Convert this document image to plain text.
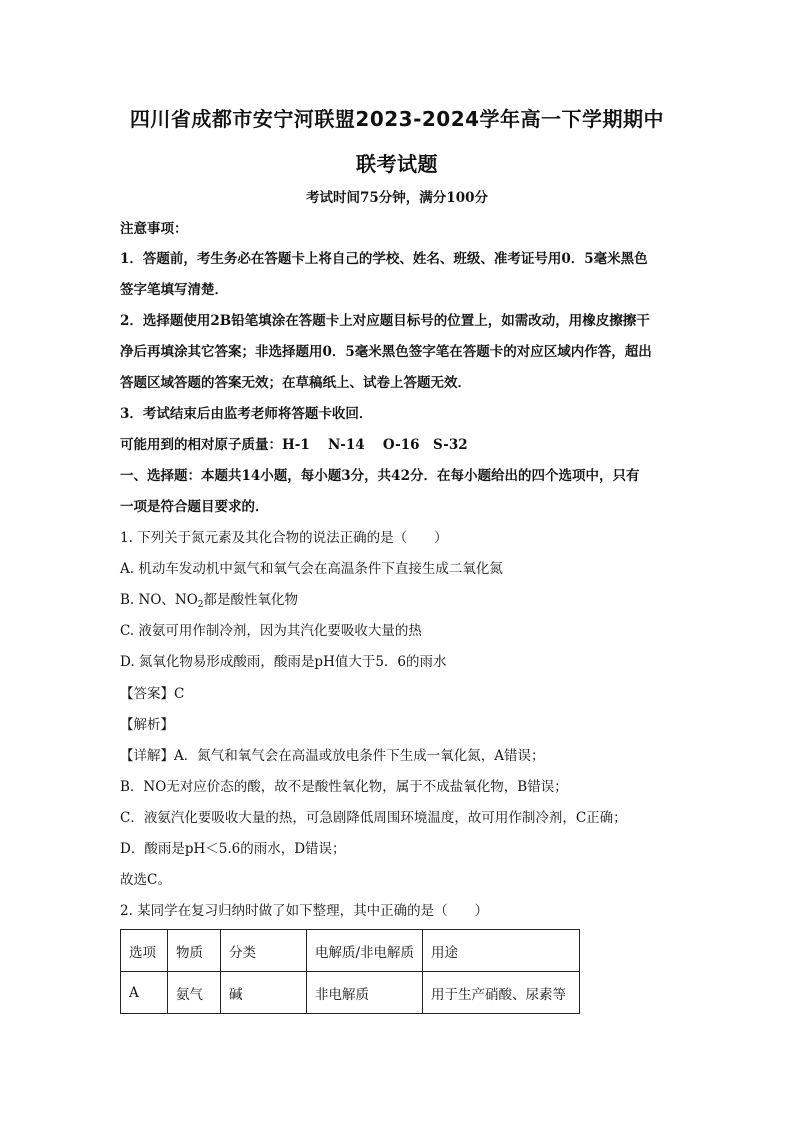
四川省成都市安宁河联盟2023-2024学年高一下学期期中
联考试题
考试时间75分钟，满分100分
注意事项：
1．答题前，考生务必在答题卡上将自己的学校、姓名、班级、准考证号用0．5毫米黑色
签字笔填写清楚．
2．选择题使用2B铅笔填涂在答题卡上对应题目标号的位置上，如需改动，用橡皮擦擦干
净后再填涂其它答案；非选择题用0．5毫米黑色签字笔在答题卡的对应区域内作答，超出
答题区域答题的答案无效；在草稿纸上、试卷上答题无效．
3．考试结束后由监考老师将答题卡收回．
可能用到的相对原子质量：H-1　 N-14　 O-16　S-32
一、选择题：本题共14小题，每小题3分，共42分．在每小题给出的四个选项中，只有
一项是符合题目要求的．
1. 下列关于氮元素及其化合物的说法正确的是（　　）
A. 机动车发动机中氮气和氧气会在高温条件下直接生成二氧化氮
B. NO、$NO_2$都是酸性氧化物
C. 液氨可用作制冷剂，因为其汽化要吸收大量的热
D. 氮氧化物易形成酸雨，酸雨是pH值大于5．6的雨水
【答案】C
【解析】
【详解】A．氮气和氧气会在高温或放电条件下生成一氧化氮，A错误；
B．NO无对应价态的酸，故不是酸性氧化物，属于不成盐氧化物，B错误；
C．液氨汽化要吸收大量的热，可急剧降低周围环境温度，故可用作制冷剂，C正确；
D．酸雨是pH＜5.6的雨水，D错误；
故选C。
2. 某同学在复习归纳时做了如下整理，其中正确的是（　　）
选项	物质	分类	电解质/非电解质	用途
A	氨气	碱	非电解质	用于生产硝酸、尿素等
